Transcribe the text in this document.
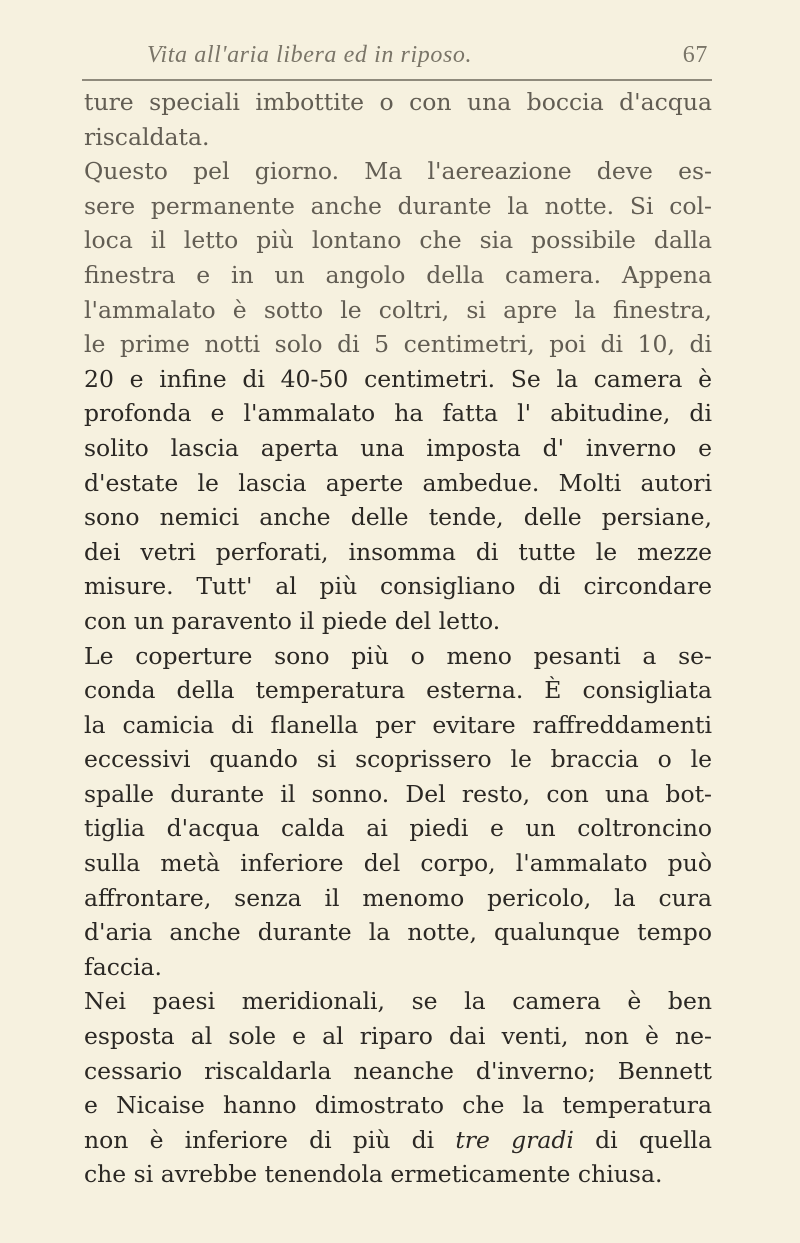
Vita all'aria libera ed in riposo.	67
ture speciali imbottite o con una boccia d'acqua
riscaldata.
Questo pel giorno. Ma l'aereazione deve es-
sere permanente anche durante la notte. Si col-
loca il letto più lontano che sia possibile dalla
finestra e in un angolo della camera. Appena
l'ammalato è sotto le coltri, si apre la finestra,
le prime notti solo di 5 centimetri, poi di 10, di
20 e infine di 40-50 centimetri. Se la camera è
profonda e l'ammalato ha fatta l' abitudine, di
solito lascia aperta una imposta d' inverno e
d'estate le lascia aperte ambedue. Molti autori
sono nemici anche delle tende, delle persiane,
dei vetri perforati, insomma di tutte le mezze
misure. Tutt' al più consigliano di circondare
con un paravento il piede del letto.
Le coperture sono più o meno pesanti a se-
conda della temperatura esterna. È consigliata
la camicia di flanella per evitare raffreddamenti
eccessivi quando si scoprissero le braccia o le
spalle durante il sonno. Del resto, con una bot-
tiglia d'acqua calda ai piedi e un coltroncino
sulla metà inferiore del corpo, l'ammalato può
affrontare, senza il menomo pericolo, la cura
d'aria anche durante la notte, qualunque tempo
faccia.
Nei paesi meridionali, se la camera è ben
esposta al sole e al riparo dai venti, non è ne-
cessario riscaldarla neanche d'inverno; Bennett
e Nicaise hanno dimostrato che la temperatura
non è inferiore di più di tre gradi di quella
che si avrebbe tenendola ermeticamente chiusa.
